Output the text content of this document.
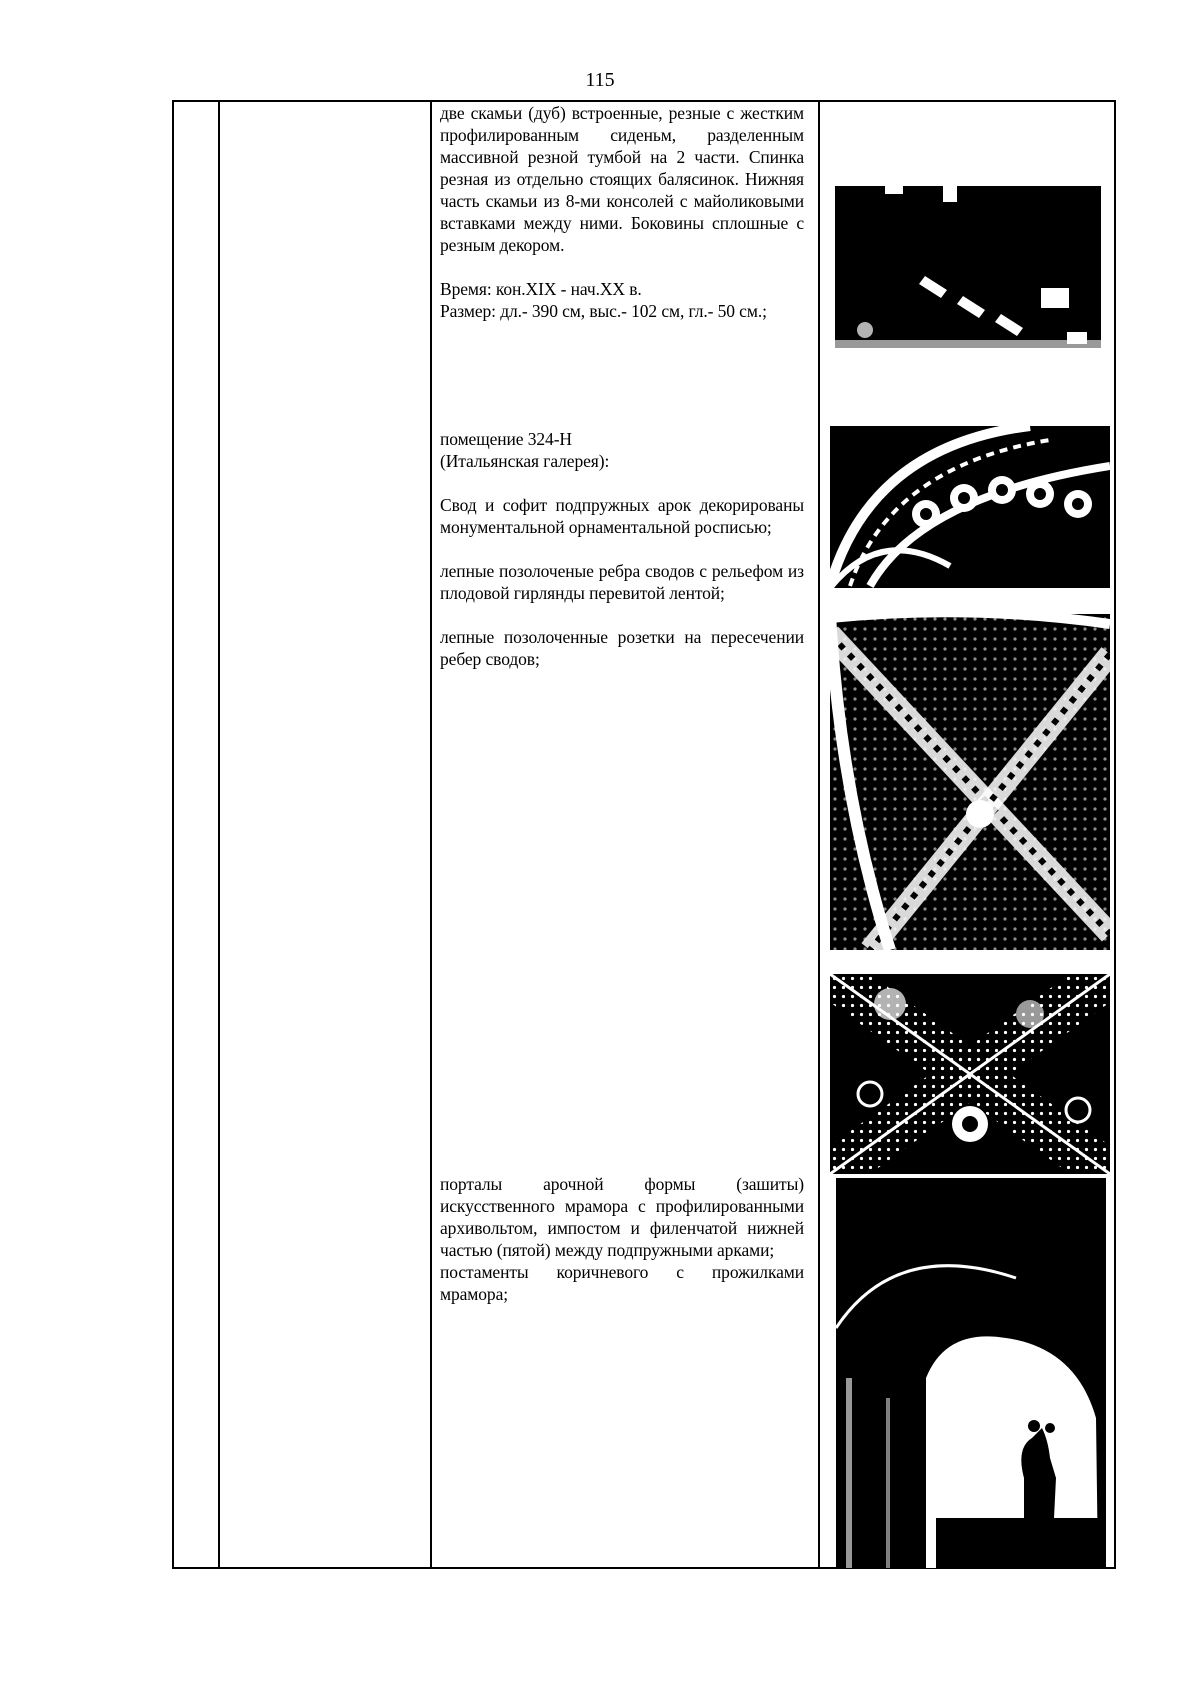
115

две скамьи (дуб) встроенные, резные с жестким профилированным сиденьм, разделенным массивной резной тумбой на 2 части. Спинка резная из отдельно стоящих балясинок. Нижняя часть скамьи из 8-ми консолей с майоликовыми вставками между ними. Боковины сплошные с резным декором.

Время: кон.XIX - нач.XX в.

Размер: дл.- 390 см, выс.- 102 см, гл.- 50 см.;

помещение 324-Н

(Итальянская галерея):

Свод и софит подпружных арок декорированы монументальной орнаментальной росписью;

лепные позолоченые ребра сводов с рельефом из плодовой гирлянды перевитой лентой;

лепные позолоченные розетки на пересечении ребер сводов;

порталы арочной формы (зашиты) искусственного мрамора с профилированными архивольтом, импостом и филенчатой нижней частью (пятой) между подпружными арками;

постаменты коричневого с прожилками мрамора;
